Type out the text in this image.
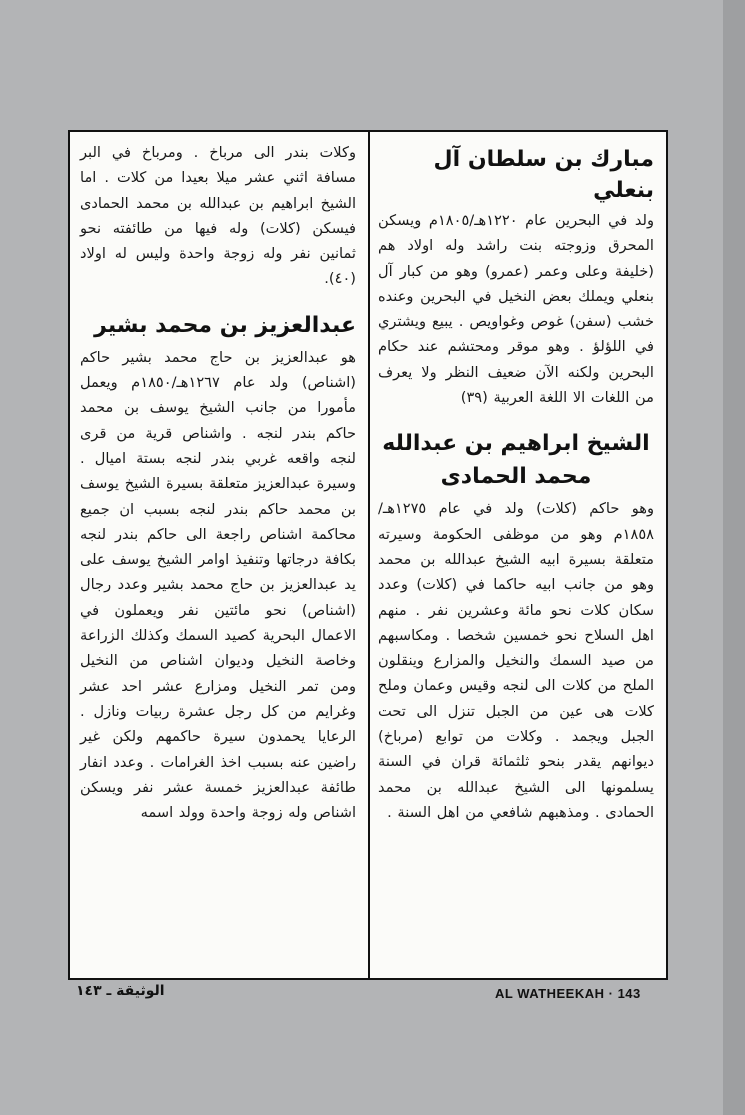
مبارك بن سلطان آل بنعلي

ولد في البحرين عام ١٢٢٠هـ/١٨٠٥م ويسكن المحرق وزوجته بنت راشد وله اولاد هم (خليفة وعلى وعمر (عمرو) وهو من كبار آل بنعلي ويملك بعض النخيل في البحرين وعنده خشب (سفن) غوص وغواويص . يبيع ويشتري في اللؤلؤ . وهو موقر ومحتشم عند حكام البحرين ولكنه الآن ضعيف النظر ولا يعرف من اللغات الا اللغة العربية (٣٩)

الشيخ ابراهيم بن عبدالله
محمد الحمادى

وهو حاكم (كلات) ولد في عام ١٢٧٥هـ/١٨٥٨م وهو من موظفى الحكومة وسيرته متعلقة بسيرة ابيه الشيخ عبدالله بن محمد وهو من جانب ابيه حاكما في (كلات) وعدد سكان كلات نحو مائة وعشرين نفر . منهم اهل السلاح نحو خمسين شخصا . ومكاسبهم من صيد السمك والنخيل والمزارع وينقلون الملح من كلات الى لنجه وقيس وعمان وملح كلات هى عين من الجبل تنزل الى تحت الجبل ويجمد . وكلات من توابع (مرباخ) ديوانهم يقدر بنحو ثلثمائة قران في السنة يسلمونها الى الشيخ عبدالله بن محمد الحمادى . ومذهبهم شافعي من اهل السنة .

وكلات بندر الى مرباخ . ومرباخ في البر مسافة اثني عشر ميلا بعيدا من كلات . اما الشيخ ابراهيم بن عبدالله بن محمد الحمادى فيسكن (كلات) وله فيها من طائفته نحو ثمانين نفر وله زوجة واحدة وليس له اولاد (٤٠).

عبدالعزيز بن محمد بشير

هو عبدالعزيز بن حاج محمد بشير حاكم (اشناص) ولد عام ١٢٦٧هـ/١٨٥٠م ويعمل مأمورا من جانب الشيخ يوسف بن محمد حاكم بندر لنجه . واشناص قرية من قرى لنجه واقعه غربي بندر لنجه بستة اميال . وسيرة عبدالعزيز متعلقة بسيرة الشيخ يوسف بن محمد حاكم بندر لنجه بسبب ان جميع محاكمة اشناص راجعة الى حاكم بندر لنجه بكافة درجاتها وتنفيذ اوامر الشيخ يوسف على يد عبدالعزيز بن حاج محمد بشير وعدد رجال (اشناص) نحو مائتين نفر ويعملون في الاعمال البحرية كصيد السمك وكذلك الزراعة وخاصة النخيل وديوان اشناص من النخيل ومن تمر النخيل ومزارع عشر احد عشر وغرايم من كل رجل عشرة ربيات ونازل . الرعايا يحمدون سيرة حاكمهم ولكن غير راضين عنه بسبب اخذ الغرامات . وعدد انفار طائفة عبدالعزيز خمسة عشر نفر ويسكن اشناص وله زوجة واحدة وولد اسمه

AL WATHEEKAH · 143
الوثيقة ـ ١٤٣
